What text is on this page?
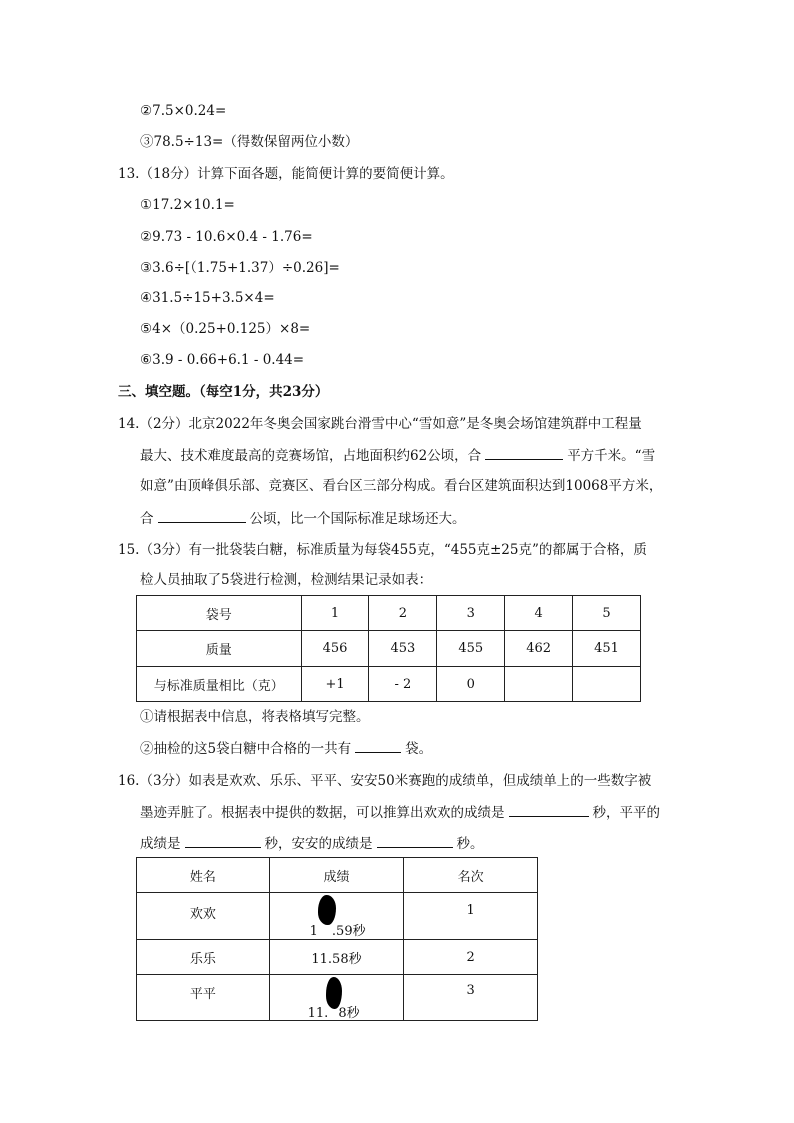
②7.5×0.24=
③78.5÷13=（得数保留两位小数）
13.（18分）计算下面各题，能简便计算的要简便计算。
①17.2×10.1=
②9.73 - 10.6×0.4 - 1.76=
③3.6÷[（1.75+1.37）÷0.26]=
④31.5÷15+3.5×4=
⑤4×（0.25+0.125）×8=
⑥3.9 - 0.66+6.1 - 0.44=
三、填空题。（每空1分，共23分）
14.（2分）北京2022年冬奥会国家跳台滑雪中心“雪如意”是冬奥会场馆建筑群中工程量
最大、技术难度最高的竞赛场馆，占地面积约62公顷，合	平方千米。“雪
如意”由顶峰俱乐部、竞赛区、看台区三部分构成。看台区建筑面积达到10068平方米，
合	公顷，比一个国际标准足球场还大。
15.（3分）有一批袋装白糖，标准质量为每袋455克，“455克±25克”的都属于合格，质
检人员抽取了5袋进行检测，检测结果记录如表：
袋号	1	2	3	4	5
质量	456	453	455	462	451
与标准质量相比（克）	+1	- 2	0		
①请根据表中信息，将表格填写完整。
②抽检的这5袋白糖中合格的一共有	袋。
16.（3分）如表是欢欢、乐乐、平平、安安50米赛跑的成绩单，但成绩单上的一些数字被
墨迹弄脏了。根据表中提供的数据，可以推算出欢欢的成绩是	秒，平平的
成绩是	秒，安安的成绩是	秒。
姓名	成绩	名次
欢欢	1 .59秒	1
乐乐	11.58秒	2
平平	11. 8秒	3
